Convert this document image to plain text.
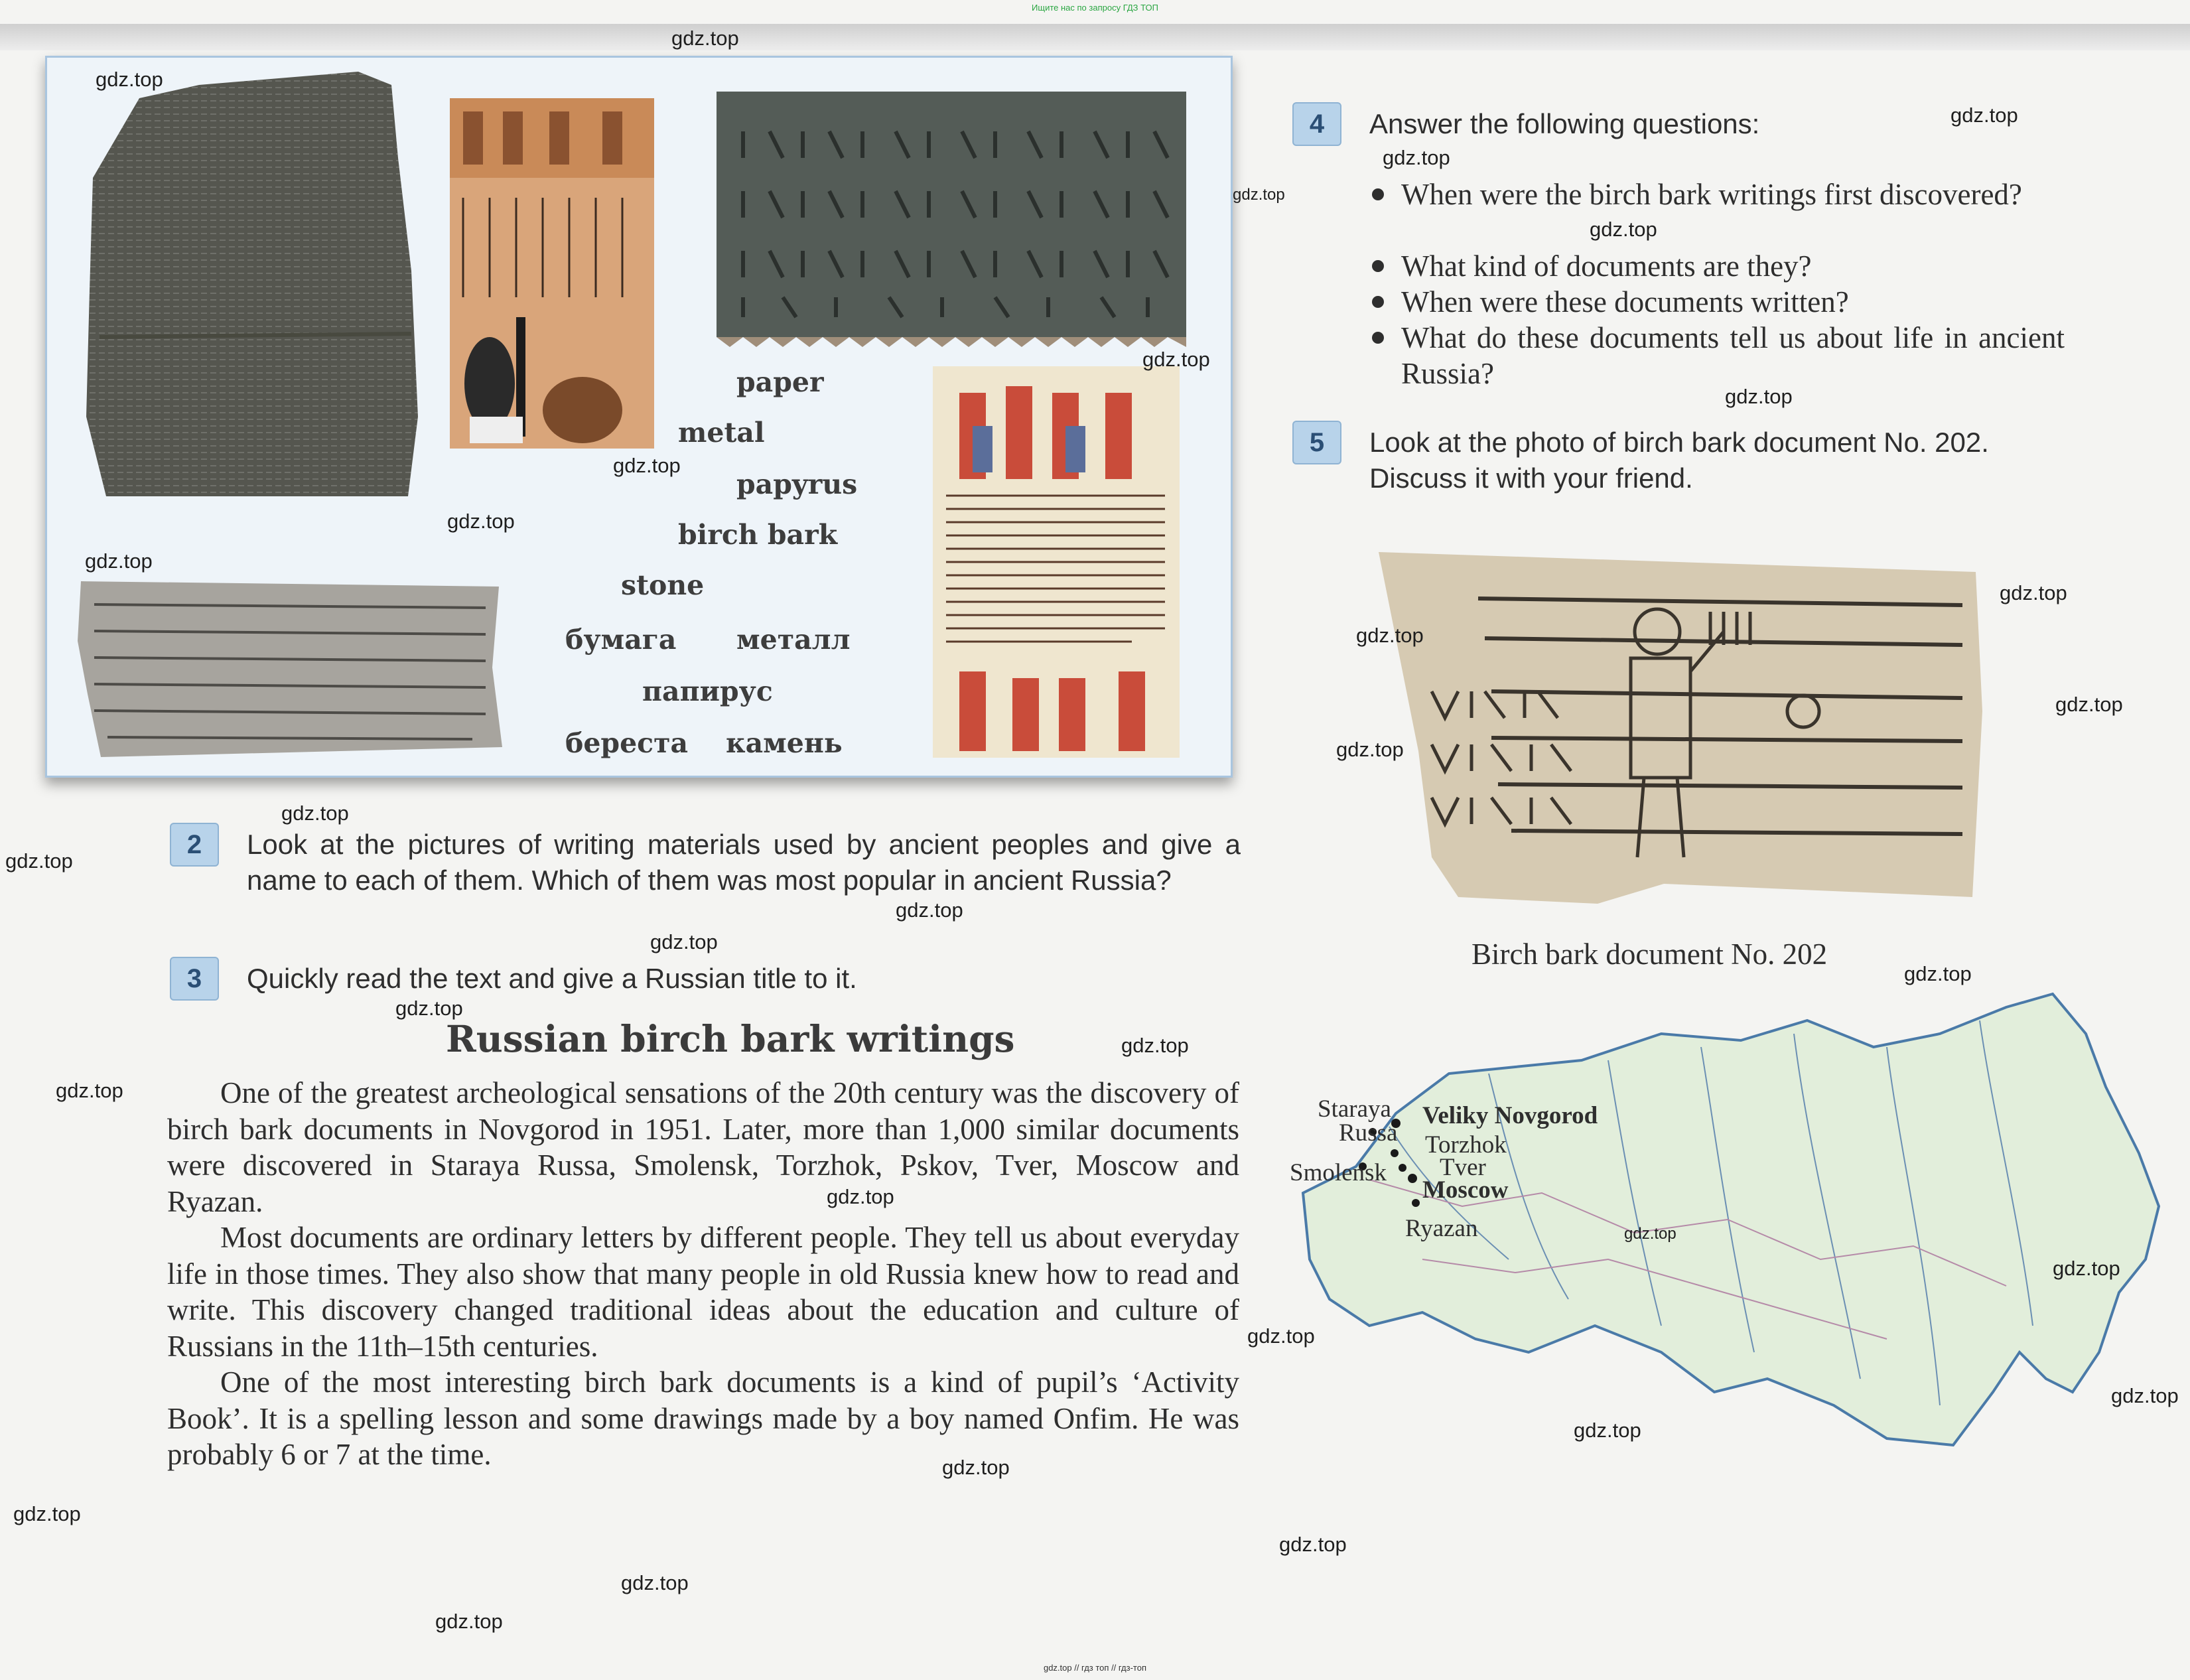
Ищите нас по запросу ГДЗ ТОП
paper
metal
papyrus
birch bark
stone
бумага металл
папирус
береста камень
2	Look at the pictures of writing materials used by ancient peoples and give a name to each of them. Which of them was most popular in ancient Russia?
3	Quickly read the text and give a Russian title to it.
Russian birch bark writings
One of the greatest archeological sensations of the 20th century was the discovery of birch bark documents in Novgorod in 1951. Later, more than 1,000 similar documents were discovered in Staraya Russa, Smolensk, Torzhok, Pskov, Tver, Moscow and Ryazan.
Most documents are ordinary letters by different people. They tell us about everyday life in those times. They also show that many people in old Russia knew how to read and write. This discovery changed traditional ideas about the education and culture of Russians in the 11th–15th centuries.
One of the most interesting birch bark documents is a kind of pupil’s ‘Activity Book’. It is a spelling lesson and some drawings made by a boy named Onfim. He was probably 6 or 7 at the time.
4	Answer the following questions:
When were the birch bark writings first discovered?
What kind of documents are they?
When were these documents written?
What do these documents tell us about life in ancient Russia?
5	Look at the photo of birch bark document No. 202. Discuss it with your friend.
Birch bark document No. 202
Staraya
Russa
Veliky Novgorod
Torzhok
Tver
Moscow
Smolensk
Ryazan
gdz.top
gdz.top
gdz.top
gdz.top
gdz.top
gdz.top
gdz.top
gdz.top
gdz.top
gdz.top
gdz.top
gdz.top
gdz.top
gdz.top
gdz.top
gdz.top
gdz.top
gdz.top
gdz.top
gdz.top
gdz.top
gdz.top
gdz.top
gdz.top
gdz.top
gdz.top
gdz.top
gdz.top
gdz.top
gdz.top
gdz.top
gdz.top
gdz.top
gdz.top
gdz.top // гдз топ // гдз-топ
